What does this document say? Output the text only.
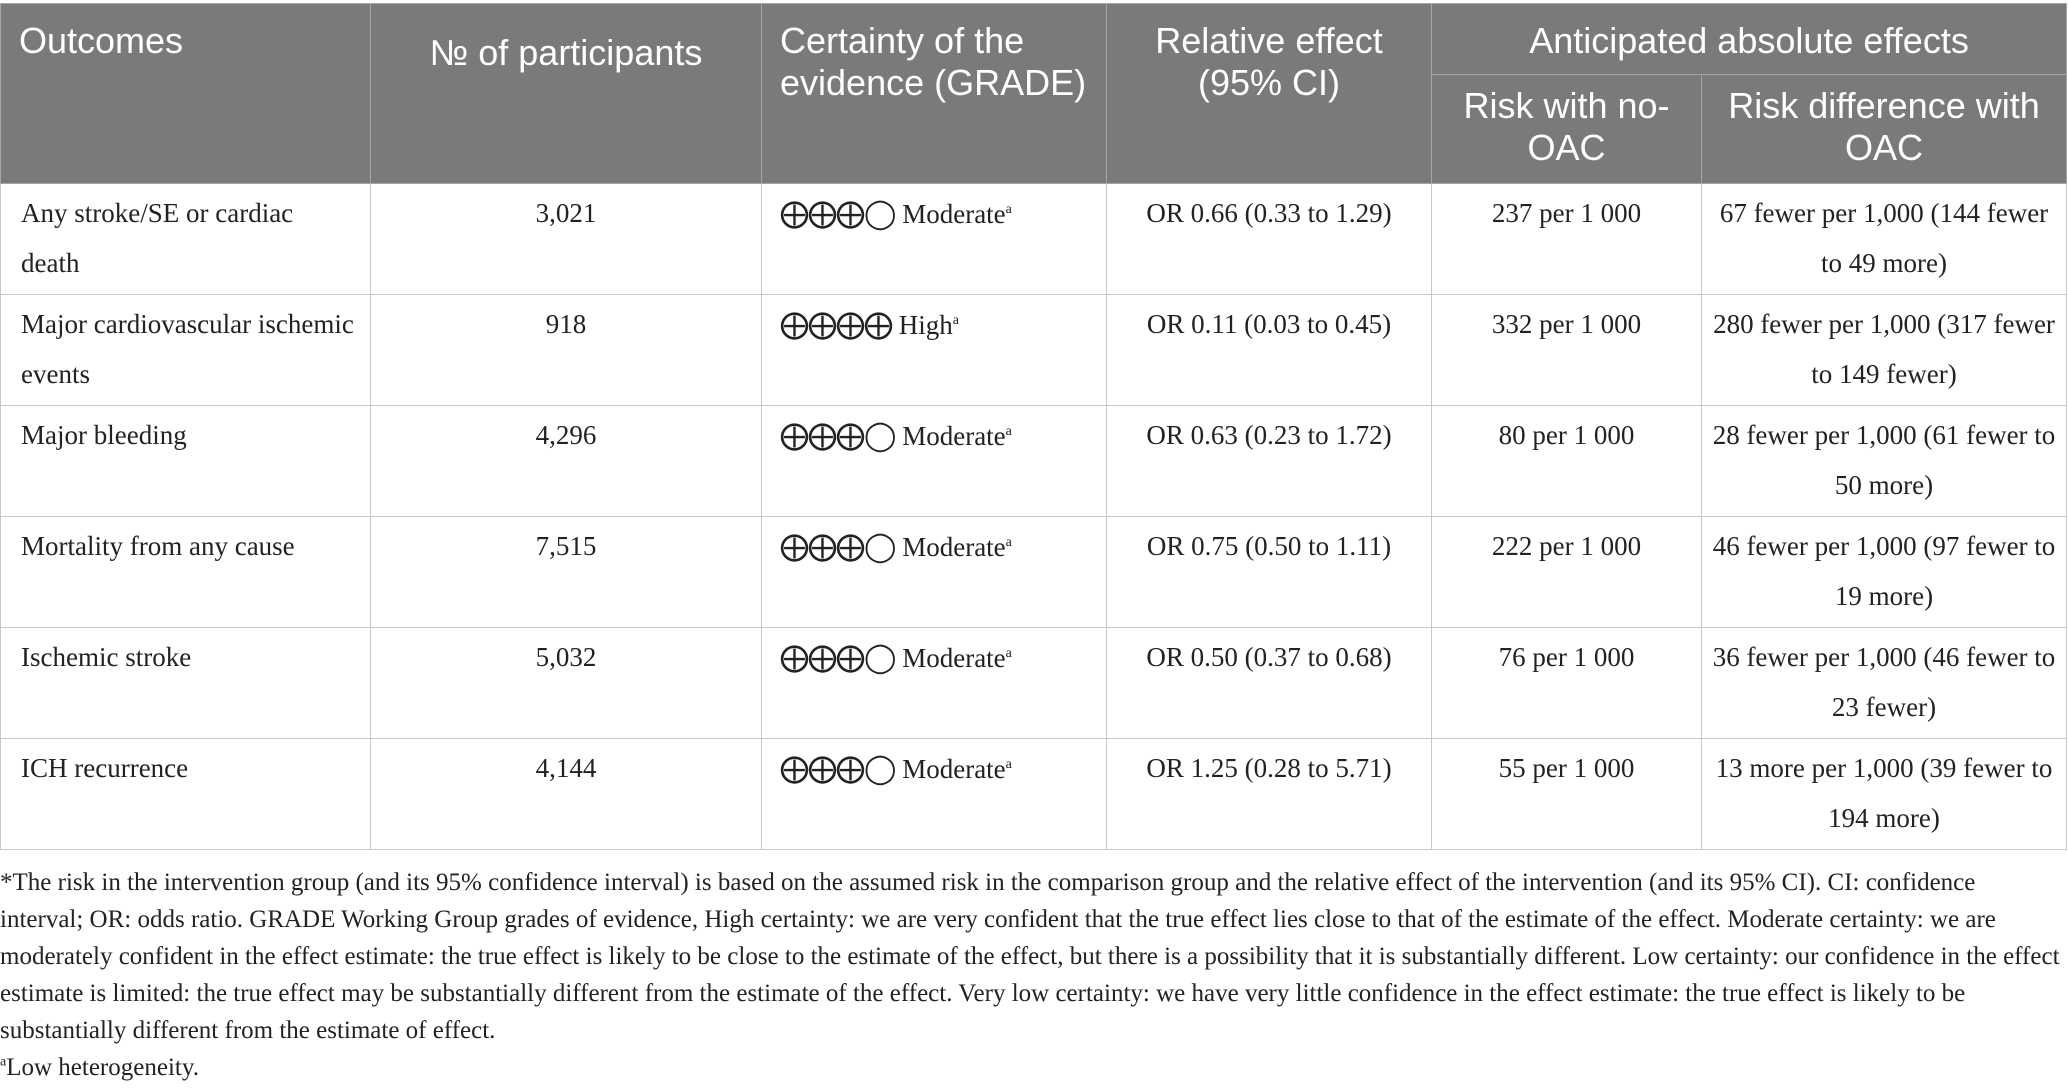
Outcomes	№ of participants	Certainty of the evidence (GRADE)	Relative effect (95% CI)	Anticipated absolute effects	
				Risk with no-OAC	Risk difference with OAC
Any stroke/SE or cardiac death	3,021	⨁⨁⨁◯ Moderate$^a$	OR 0.66 (0.33 to 1.29)	237 per 1 000	67 fewer per 1,000 (144 fewer to 49 more)
Major cardiovascular ischemic events	918	⨁⨁⨁⨁ High$^a$	OR 0.11 (0.03 to 0.45)	332 per 1 000	280 fewer per 1,000 (317 fewer to 149 fewer)
Major bleeding	4,296	⨁⨁⨁◯ Moderate$^a$	OR 0.63 (0.23 to 1.72)	80 per 1 000	28 fewer per 1,000 (61 fewer to 50 more)
Mortality from any cause	7,515	⨁⨁⨁◯ Moderate$^a$	OR 0.75 (0.50 to 1.11)	222 per 1 000	46 fewer per 1,000 (97 fewer to 19 more)
Ischemic stroke	5,032	⨁⨁⨁◯ Moderate$^a$	OR 0.50 (0.37 to 0.68)	76 per 1 000	36 fewer per 1,000 (46 fewer to 23 fewer)
ICH recurrence	4,144	⨁⨁⨁◯ Moderate$^a$	OR 1.25 (0.28 to 5.71)	55 per 1 000	13 more per 1,000 (39 fewer to 194 more)

*The risk in the intervention group (and its 95% confidence interval) is based on the assumed risk in the comparison group and the relative effect of the intervention (and its 95% CI). CI: confidence interval; OR: odds ratio. GRADE Working Group grades of evidence, High certainty: we are very confident that the true effect lies close to that of the estimate of the effect. Moderate certainty: we are moderately confident in the effect estimate: the true effect is likely to be close to the estimate of the effect, but there is a possibility that it is substantially different. Low certainty: our confidence in the effect estimate is limited: the true effect may be substantially different from the estimate of the effect. Very low certainty: we have very little confidence in the effect estimate: the true effect is likely to be substantially different from the estimate of effect.

$^a$Low heterogeneity.
